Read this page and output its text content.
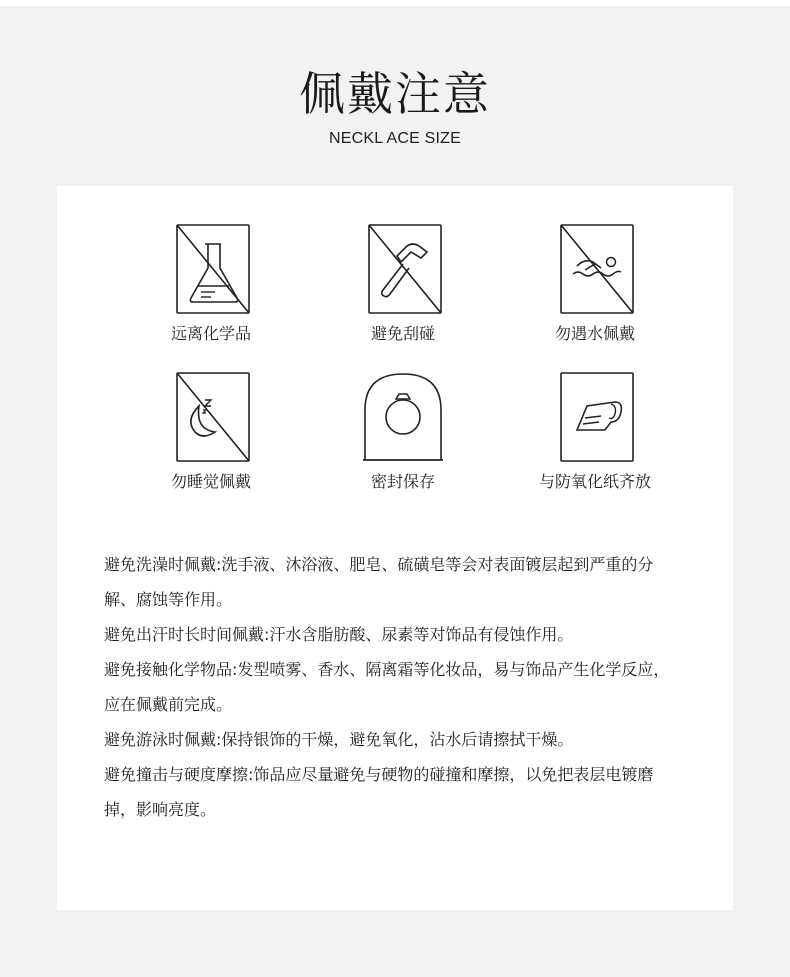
佩戴注意
NECKL ACE SIZE
远离化学品	避免刮碰	勿遇水佩戴
勿睡觉佩戴	密封保存	与防氧化纸齐放

避免洗澡时佩戴:洗手液、沐浴液、肥皂、硫磺皂等会对表面镀层起到严重的分解、腐蚀等作用。

避免出汗时长时间佩戴:汗水含脂肪酸、尿素等对饰品有侵蚀作用。

避免接触化学物品:发型喷雾、香水、隔离霜等化妆品，易与饰品产生化学反应，应在佩戴前完成。

避免游泳时佩戴:保持银饰的干燥，避免氧化，沾水后请擦拭干燥。

避免撞击与硬度摩擦:饰品应尽量避免与硬物的碰撞和摩擦，以免把表层电镀磨掉，影响亮度。
